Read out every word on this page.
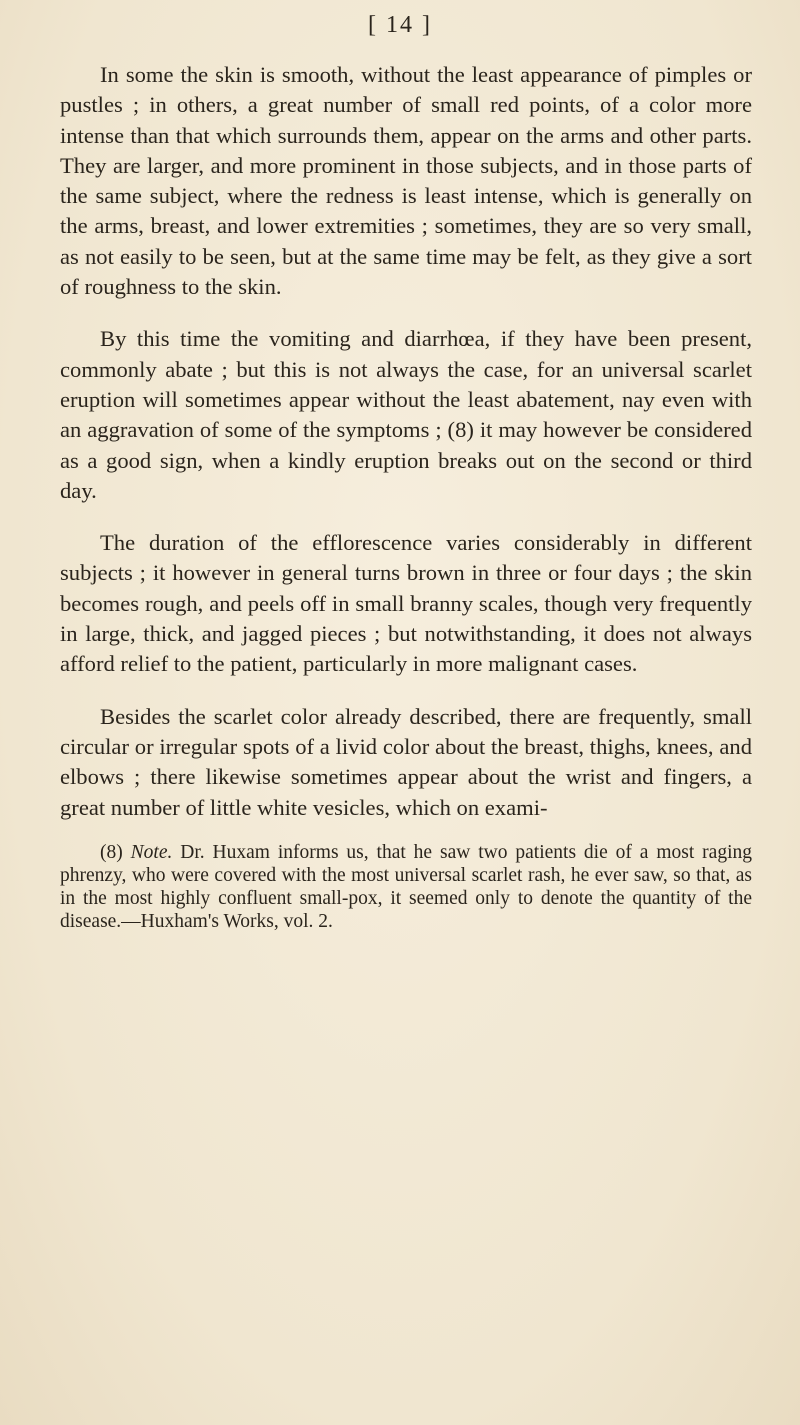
[ 14 ]

In some the skin is smooth, without the least appearance of pimples or pustles ; in others, a great number of small red points, of a color more intense than that which surrounds them, appear on the arms and other parts. They are larger, and more prominent in those subjects, and in those parts of the same subject, where the redness is least intense, which is generally on the arms, breast, and lower extremities ; sometimes, they are so very small, as not easily to be seen, but at the same time may be felt, as they give a sort of roughness to the skin.

By this time the vomiting and diarrhœa, if they have been present, commonly abate ; but this is not always the case, for an universal scarlet eruption will sometimes appear without the least abatement, nay even with an aggravation of some of the symptoms ; (8) it may however be considered as a good sign, when a kindly eruption breaks out on the second or third day.

The duration of the efflorescence varies considerably in different subjects ; it however in general turns brown in three or four days ; the skin becomes rough, and peels off in small branny scales, though very frequently in large, thick, and jagged pieces ; but notwithstanding, it does not always afford relief to the patient, particularly in more malignant cases.

Besides the scarlet color already described, there are frequently, small circular or irregular spots of a livid color about the breast, thighs, knees, and elbows ; there likewise sometimes appear about the wrist and fingers, a great number of little white vesicles, which on exami-

(8) Note. Dr. Huxam informs us, that he saw two patients die of a most raging phrenzy, who were covered with the most universal scarlet rash, he ever saw, so that, as in the most highly confluent small-pox, it seemed only to denote the quantity of the disease.—Huxham's Works, vol. 2.
